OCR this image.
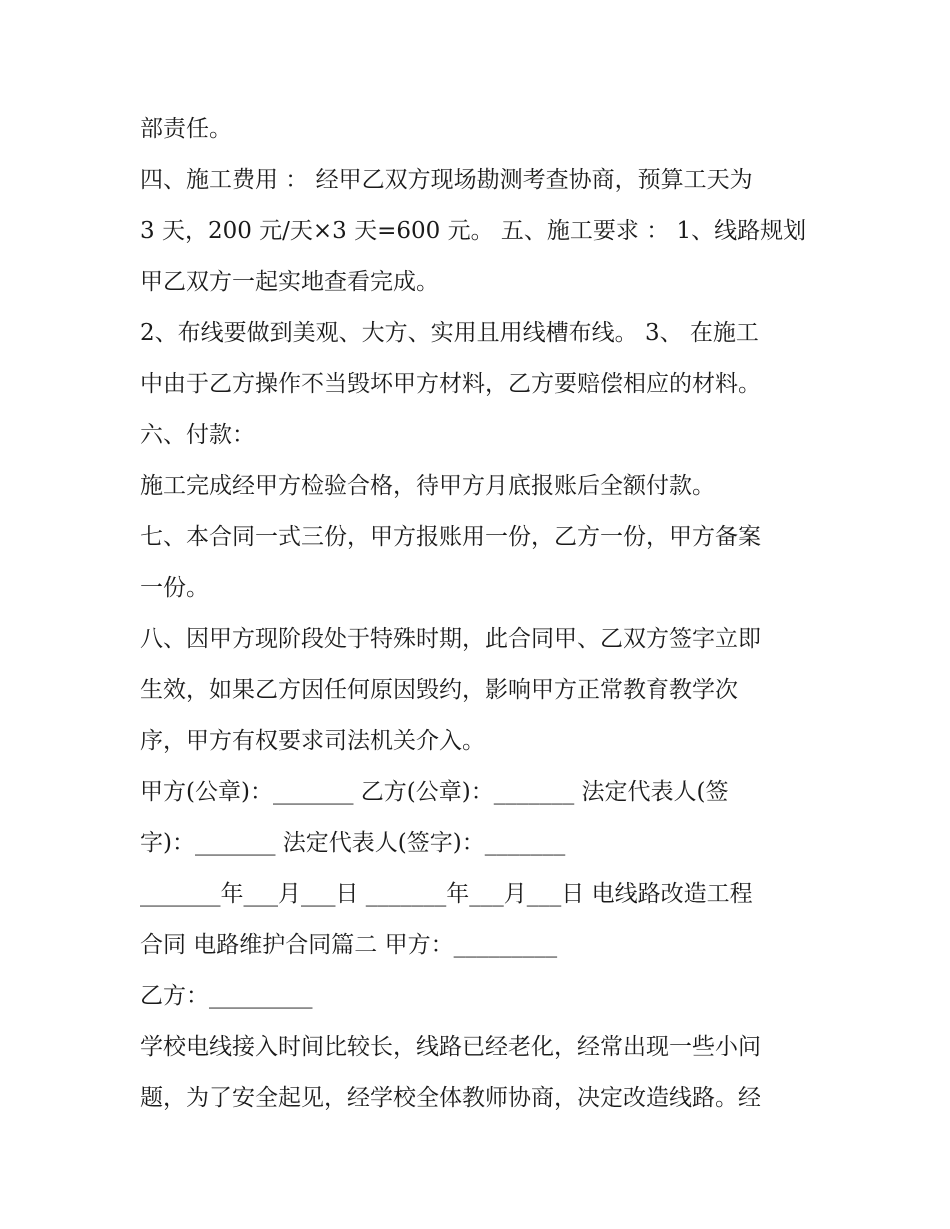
部责任。
四、施工费用 ： 经甲乙双方现场勘测考查协商，预算工天为
3 天，200 元/天×3 天=600 元。 五、施工要求 ： 1、线路规划
甲乙双方一起实地查看完成。
2、布线要做到美观、大方、实用且用线槽布线。 3、 在施工
中由于乙方操作不当毁坏甲方材料，乙方要赔偿相应的材料。
六、付款：
施工完成经甲方检验合格，待甲方月底报账后全额付款。
七、本合同一式三份，甲方报账用一份，乙方一份，甲方备案
一份。
八、因甲方现阶段处于特殊时期，此合同甲、乙双方签字立即
生效，如果乙方因任何原因毁约，影响甲方正常教育教学次
序，甲方有权要求司法机关介入。
甲方(公章)：_______ 乙方(公章)：_______ 法定代表人(签
字)：_______ 法定代表人(签字)：_______
_______年___月___日 _______年___月___日 电线路改造工程
合同 电路维护合同篇二 甲方：_________
乙方：_________
学校电线接入时间比较长，线路已经老化，经常出现一些小问
题，为了安全起见，经学校全体教师协商，决定改造线路。经
